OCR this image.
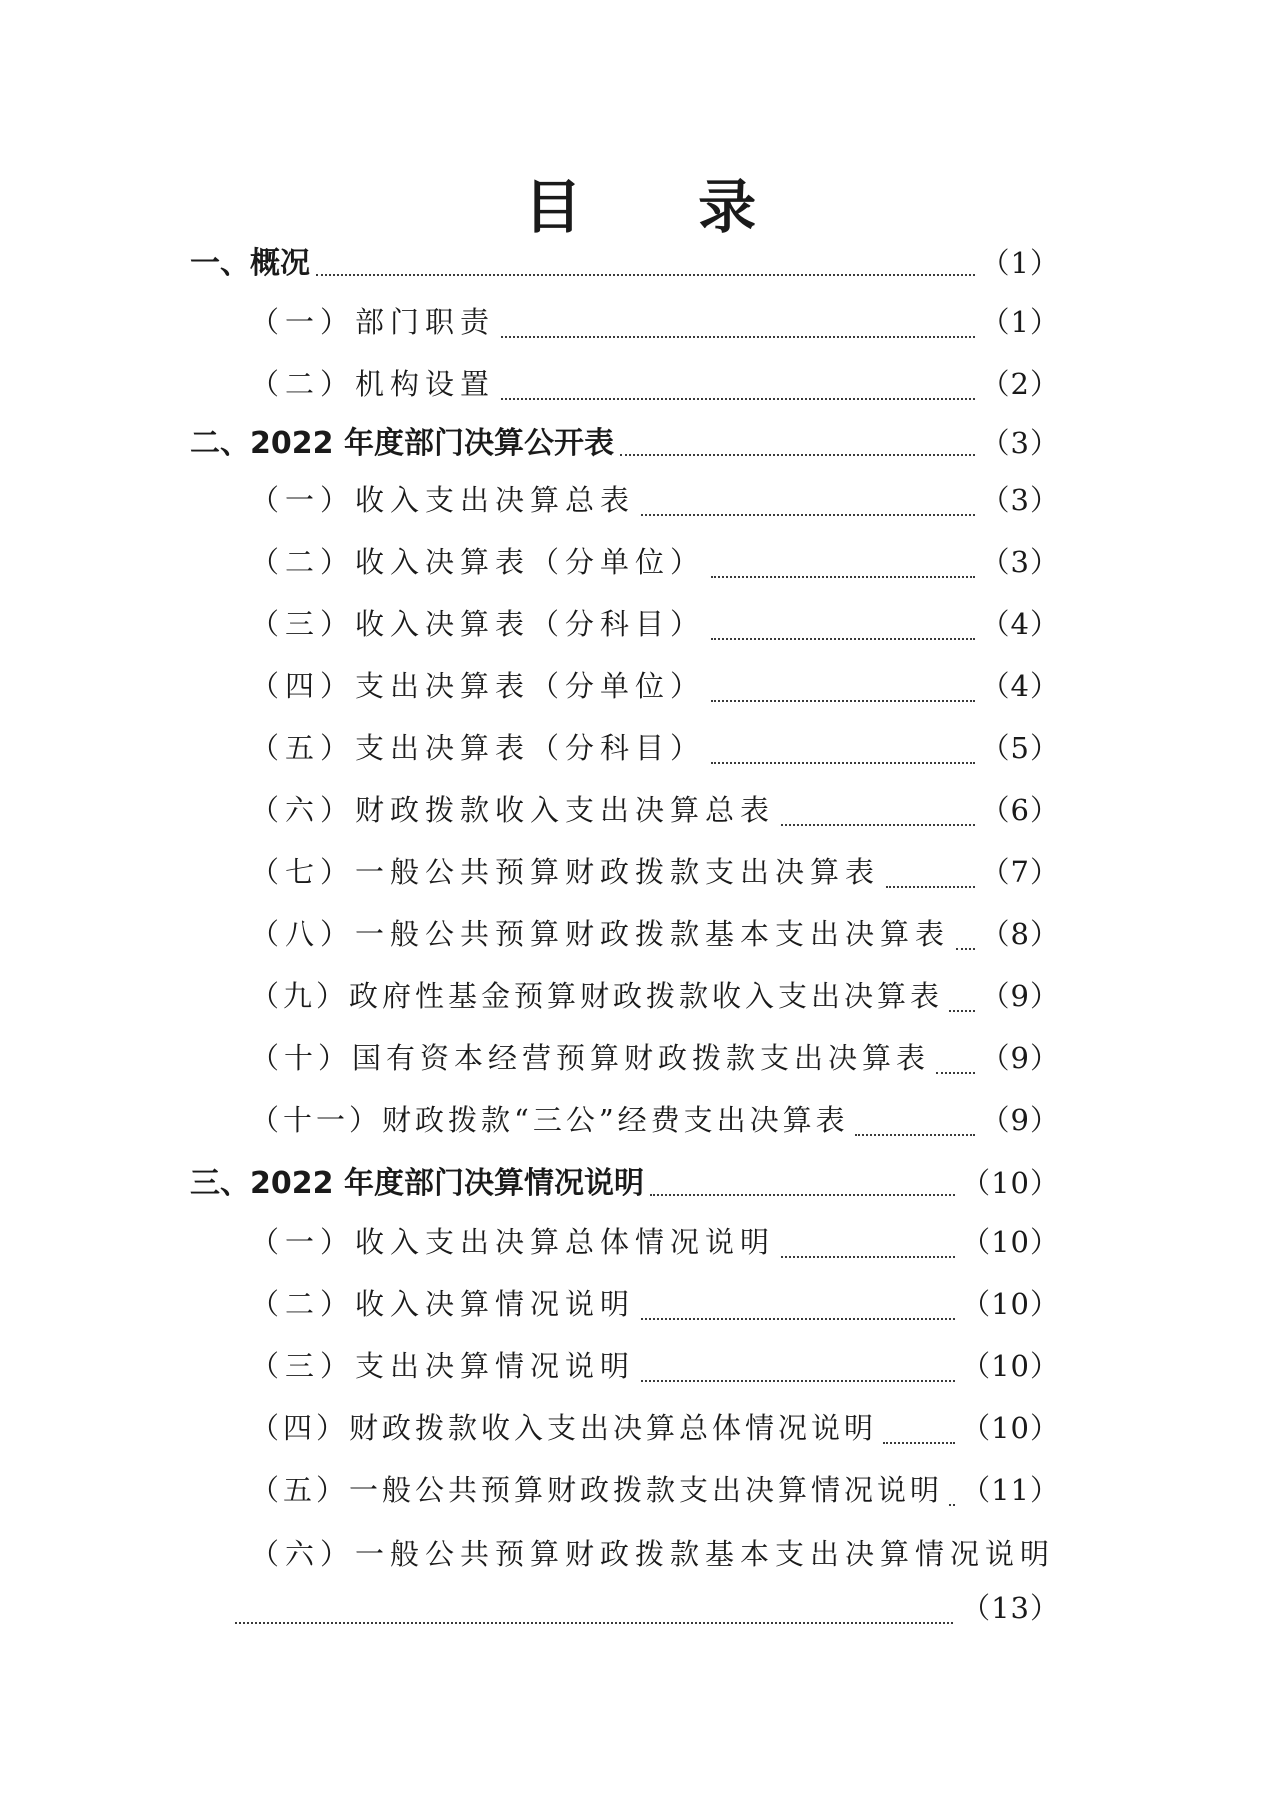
目 录
一、概况	（1）
（一）部门职责	（1）
（二）机构设置	（2）
二、2022 年度部门决算公开表	（3）
（一）收入支出决算总表	（3）
（二）收入决算表（分单位）	（3）
（三）收入决算表（分科目）	（4）
（四）支出决算表（分单位）	（4）
（五）支出决算表（分科目）	（5）
（六）财政拨款收入支出决算总表	（6）
（七）一般公共预算财政拨款支出决算表	（7）
（八）一般公共预算财政拨款基本支出决算表 （8）
（九）政府性基金预算财政拨款收入支出决算表 （9）
（十）国有资本经营预算财政拨款支出决算表 （9）
（十一）财政拨款“三公”经费支出决算表	（9）
三、2022 年度部门决算情况说明	（10）
（一）收入支出决算总体情况说明	（10）
（二）收入决算情况说明	（10）
（三）支出决算情况说明	（10）
（四）财政拨款收入支出决算总体情况说明	（10）
（五）一般公共预算财政拨款支出决算情况说明 （11）
（六）一般公共预算财政拨款基本支出决算情况说明
（13）
